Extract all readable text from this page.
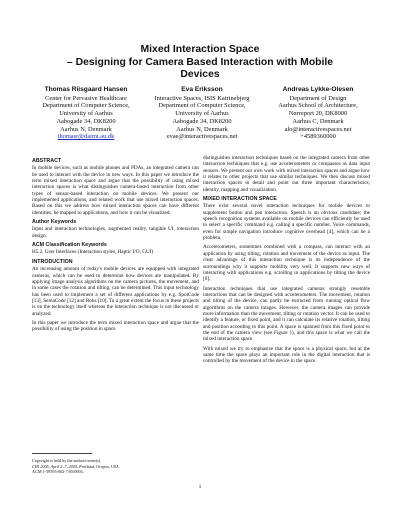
Mixed Interaction Space
– Designing for Camera Based Interaction with Mobile
Devices
Thomas Riisgaard Hansen
Center for Pervasive Healthcare
Department of Computer Science,
University of Aarhus
Aabogade 34, DK8200
Aarhus N, Denmark
thomasr@daimi.au.dk
Eva Eriksson
Interactive Spaces, ISIS Katrinebjerg
Department of Computer Science,
University of Aarhus
Aabogade 34, DK8200
Aarhus N, Denmark
evae@interactivespaces.net
Andreas Lykke-Olesen
Department of Design
Aarhus School of Architecture,
Nørreport 20, DK8000
Aarhus C, Denmark
alo@interactivespaces.net
+4589360000
ABSTRACT

In mobile devices, such as mobile phones and PDAs, an integrated camera can be used to interact with the device in new ways. In this paper we introduce the term mixed interaction space and argue that the possibility of using mixed interaction spaces is what distinguishes camera-based interaction from other types of sensor-based interaction on mobile devices. We present our implemented applications, and related work that use mixed interaction spaces. Based on this we address how mixed interaction spaces can have different identities, be mapped to applications, and how it can be visualized.

Author Keywords

Input and interaction technologies, augmented reality, tangible UI, interaction design.

ACM Classification Keywords

H5.2. User Interfaces (Interaction styles, Haptic I/O, GUI)

INTRODUCTION

An increasing amount of today's mobile devices are equipped with integrated cameras, which can be used to determine how devices are manipulated. By applying image analysis algorithms on the camera pictures, the movement, and in some cases the rotation and tilting, can be determined. This input technology has been used to implement a set of different applications by e.g. SpotCode [13], SemaCode [12] and Rohs [10]. To a great extent the focus in these projects is on the technology itself whereas the interaction technique is not discussed or analyzed.

In this paper we introduce the term mixed interaction space and argue that the possibility of using the position in space

Copyright is held by the author/owner(s).
CHI 2005, April 2–7, 2005, Portland, Oregon, USA.
ACM 1-59593-002-7/05/0004.

distinguishes interaction techniques based on the integrated camera from other interaction techniques that e.g. use accelerometers or compasses as data input sensors. We present our own work with mixed interaction spaces and argue how it relates to other projects that use similar techniques. We then discuss mixed interaction spaces in detail and point out three important characteristics; identity, mapping and visualization.

MIXED INTERACTION SPACE

There exist several novel interaction techniques for mobile devices to supplement button and pen interaction. Speech is an obvious candidate; the speech recognition systems available on mobile devices can efficiently be used to select a specific command e.g. calling a specific number. Voice commands, even for simple navigation introduce cognitive overhead [4], which can be a problem.

Accelerometers, sometimes combined with a compass, can interact with an application by using tilting, rotation and movement of the device as input. The clear advantage of this interaction technique is its independence of the surroundings why it supports mobility very well. It supports new ways of interacting with applications e.g. scrolling in applications by tilting the device [6].

Interaction techniques that use integrated cameras strongly resemble interactions that can be designed with accelerometers. The movement, rotation and tilting of the device, can partly be extracted from running optical flow algorithms on the camera images. However, the camera images can provide more information than the movement, tilting or rotation vector. It can be used to identify a feature, or fixed point, and it can calculate its relative rotation, tilting and position according to this point. A space is spanned from this fixed point to the end of the camera view (see Figure 1), and this space is what we call the mixed interaction space.

With mixed we try to emphasize that the space is a physical space, but at the same time the space plays an important role in the digital interaction that is controlled by the movement of the device in the space.

1
